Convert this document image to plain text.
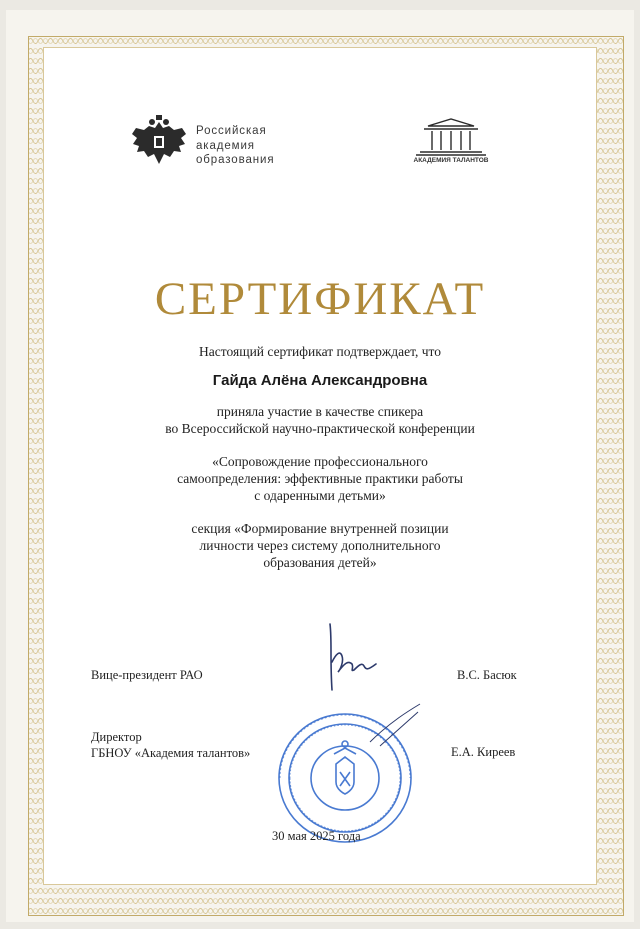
Российская
академия
образования	АКАДЕМИЯ ТАЛАНТОВ
СЕРТИФИКАТ
Настоящий сертификат подтверждает, что
Гайда Алёна Александровна
приняла участие в качестве спикера
во Всероссийской научно-практической конференции
«Сопровождение профессионального
самоопределения: эффективные практики работы
с одаренными детьми»
секция «Формирование внутренней позиции
личности через систему дополнительного
образования детей»
Вице-президент РАО	В.С. Басюк
Директор
ГБНОУ «Академия талантов»	Е.А. Киреев
30 мая 2025 года
